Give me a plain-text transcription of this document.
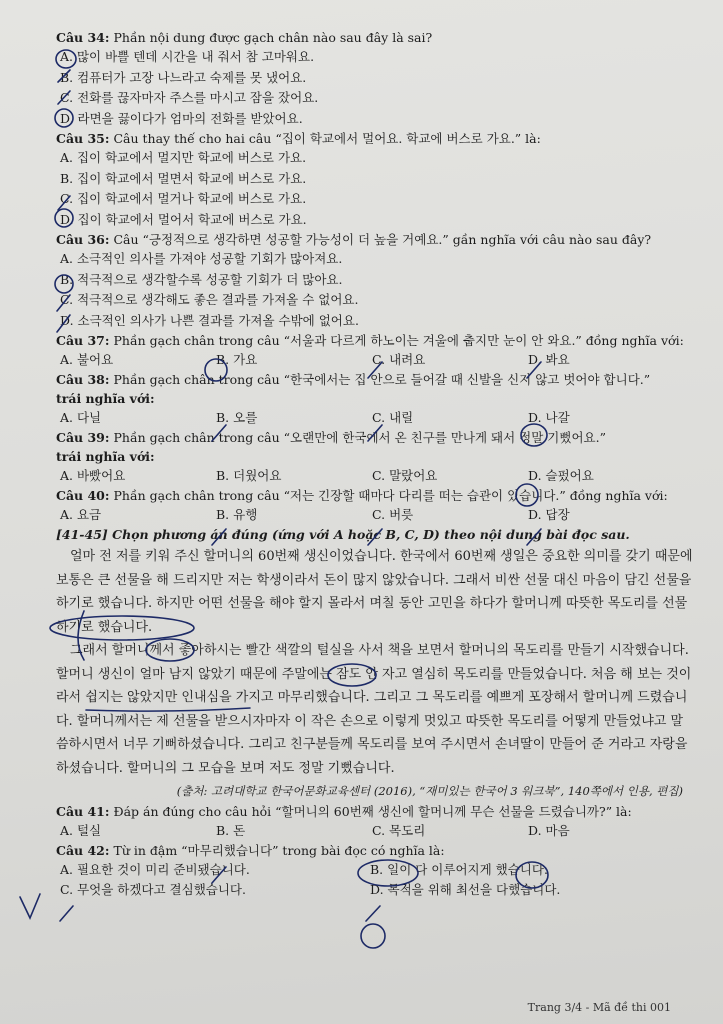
Câu 34: Phần nội dung được gạch chân nào sau đây là sai?
A. 많이 바쁠 텐데 시간을 내 줘서 참 고마워요.
B. 컴퓨터가 고장 나느라고 숙제를 못 냈어요.
C. 전화를 끊자마자 주스를 마시고 잠을 잤어요.
D. 라면을 끓이다가 엄마의 전화를 받았어요.
Câu 35: Câu thay thế cho hai câu “집이 학교에서 멀어요. 학교에 버스로 가요.” là:
A. 집이 학교에서 멀지만 학교에 버스로 가요.
B. 집이 학교에서 멀면서 학교에 버스로 가요.
C. 집이 학교에서 멀거나 학교에 버스로 가요.
D. 집이 학교에서 멀어서 학교에 버스로 가요.
Câu 36: Câu “긍정적으로 생각하면 성공할 가능성이 더 높을 거예요.” gần nghĩa với câu nào sau đây?
A. 소극적인 의사를 가져야 성공할 기회가 많아져요.
B. 적극적으로 생각할수록 성공할 기회가 더 많아요.
C. 적극적으로 생각해도 좋은 결과를 가져올 수 없어요.
D. 소극적인 의사가 나쁜 결과를 가져올 수밖에 없어요.
Câu 37: Phần gạch chân trong câu “서울과 다르게 하노이는 겨울에 춥지만 눈이 안 와요.” đồng nghĩa với:
A. 불어요	B. 가요	C. 내려요	D. 봐요
Câu 38: Phần gạch chân trong câu “한국에서는 집 안으로 들어갈 때 신발을 신지 않고 벗어야 합니다.”
trái nghĩa với:
A. 다닐	B. 오를	C. 내릴	D. 나갈
Câu 39: Phần gạch chân trong câu “오랜만에 한국에서 온 친구를 만나게 돼서 정말 기뻤어요.”
trái nghĩa với:
A. 바빴어요	B. 더웠어요	C. 말랐어요	D. 슬펐어요
Câu 40: Phần gạch chân trong câu “저는 긴장할 때마다 다리를 떠는 습관이 있습니다.” đồng nghĩa với:
A. 요금	B. 유행	C. 버릇	D. 답장
[41-45] Chọn phương án đúng (ứng với A hoặc B, C, D) theo nội dung bài đọc sau.

얼마 전 저를 키워 주신 할머니의 60번째 생신이었습니다. 한국에서 60번째 생일은 중요한 의미를 갖기 때문에 보통은 큰 선물을 해 드리지만 저는 학생이라서 돈이 많지 않았습니다. 그래서 비싼 선물 대신 마음이 담긴 선물을 하기로 했습니다. 하지만 어떤 선물을 해야 할지 몰라서 며칠 동안 고민을 하다가 할머니께 따뜻한 목도리를 선물하기로 했습니다.

그래서 할머니께서 좋아하시는 빨간 색깔의 털실을 사서 책을 보면서 할머니의 목도리를 만들기 시작했습니다. 할머니 생신이 얼마 남지 않았기 때문에 주말에는 잠도 안 자고 열심히 목도리를 만들었습니다. 처음 해 보는 것이라서 쉽지는 않았지만 인내심을 가지고 마무리했습니다. 그리고 그 목도리를 예쁘게 포장해서 할머니께 드렸습니다. 할머니께서는 제 선물을 받으시자마자 이 작은 손으로 이렇게 멋있고 따뜻한 목도리를 어떻게 만들었냐고 말씀하시면서 너무 기뻐하셨습니다. 그리고 친구분들께 목도리를 보여 주시면서 손녀딸이 만들어 준 거라고 자랑을 하셨습니다. 할머니의 그 모습을 보며 저도 정말 기뻤습니다.

(출처: 고려대학교 한국어문화교육센터 (2016), “재미있는 한국어 3 워크북”, 140쪽에서 인용, 편집)
Câu 41: Đáp án đúng cho câu hỏi “할머니의 60번째 생신에 할머니께 무슨 선물을 드렸습니까?” là:
A. 털실	B. 돈	C. 목도리	D. 마음
Câu 42: Từ in đậm “마무리했습니다” trong bài đọc có nghĩa là:
A. 필요한 것이 미리 준비됐습니다.	B. 일이 다 이루어지게 했습니다.
C. 무엇을 하겠다고 결심했습니다.	D. 목적을 위해 최선을 다했습니다.
Trang 3/4 - Mã đề thi 001
